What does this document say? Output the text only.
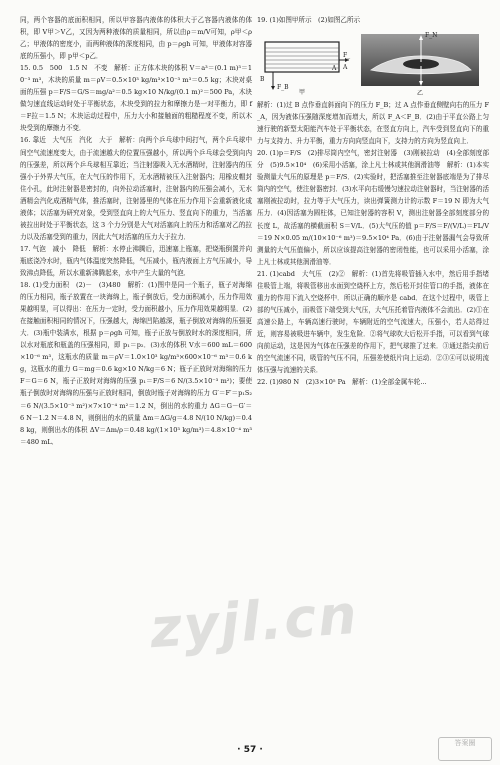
同，两个容器的底面积相同，所以甲容器内液体的体积大于乙容器内液体的体积，即 V甲＞V乙，又因为两种液体的质量相同，所以由ρ＝m/V可知，ρ甲＜ρ乙；甲液体的密度小，而两种液体的深度相同，由 p＝ρgh 可知，甲液体对容器底的压强小，即 p甲＜p乙．

15. 0.5　500　1.5 N　不变　解析：正方体木块的体积 V＝a³＝(0.1 m)³＝10⁻³ m³，木块的质量 m＝ρV＝0.5×10³ kg/m³×10⁻³ m³＝0.5 kg；木块对桌面的压强 p＝F/S＝G/S＝mg/a²＝0.5 kg×10 N/kg/(0.1 m)²＝500 Pa，木块做匀速直线运动时处于平衡状态，木块受到的拉力和摩擦力是一对平衡力，即 f＝F拉＝1.5 N；木块运动过程中，压力大小和接触面的粗糙程度不变，所以木块受到的摩擦力不变．

16. 靠近　大气压　汽化　大于　解析：向两个乒乓球中间打气，两个乒乓球中间空气流速度变大，由于流速越大的位置压强越小，所以两个乒乓球会受到向内的压强差，所以两个乒乓球相互靠近；当注射器吸入无水酒精时，注射器内的压强小于外界大气压，在大气压的作用下，无水酒精被压入注射器内；用橡皮帽封住小孔，此时注射器是密封的，向外拉动活塞时，注射器内的压强会减小，无水酒精会汽化成酒精气体，推活塞时，注射器里的气体在压力作用下会重新液化成液体；以活塞为研究对象，受到竖直向上的大气压力、竖直向下的重力，当活塞被拉出时处于平衡状态，这 3 个力分别是大气对活塞向上的压力和活塞对乙的拉力以及活塞受到的重力，因此大气对活塞的压力大于拉力．

17. 气泡　减小　降低　解析：水停止沸腾后，迅速塞上瓶塞，把烧瓶倒置并向瓶底浇冷水时，瓶内气体温度突然降低，气压减小，瓶内液面上方气压减小，导致沸点降低，所以水重新沸腾起来，水中产生大量的气泡．

18. (1)受力面积　(2)－　(3)480　解析：(1)图中是同一个瓶子，瓶子对海绵的压力相同，瓶子放置在一块海绵上，瓶子倒放后，受力面积减小，压力作用效果越明显，可以得出：在压力一定时，受力面积越小，压力作用效果越明显．(2)在接触面积相同的情况下，压强越大，海绵凹陷越深，瓶子倒放对海绵的压强更大．(3)瓶中装满水，根据 p＝ρgh 可知，瓶子正放与倒放时水的深度相同，所以水对瓶底和瓶盖的压强相同，即 p₁＝p₂．(3)水的体积 V水＝600 mL＝600×10⁻⁶ m³，这瓶水的质量 m＝ρV＝1.0×10³ kg/m³×600×10⁻⁶ m³＝0.6 kg，这瓶水的重力 G＝mg＝0.6 kg×10 N/kg＝6 N；瓶子正放时对海绵的压力 F＝G＝6 N，瓶子正放时对海绵的压强 p₁＝F/S＝6 N/(3.5×10⁻³ m²)；要使瓶子倒放时对海绵的压强与正放时相同，倒放时瓶子对海绵的压力 G′＝F′＝p₁S₂＝6 N/(3.5×10⁻³ m²)×7×10⁻⁴ m²＝1.2 N，倒出的水的重力 ΔG＝G－G′＝6 N－1.2 N＝4.8 N，则倒出的水的质量 Δm＝ΔG/g＝4.8 N/(10 N/kg)＝0.48 kg，则倒出水的体积 ΔV＝Δm/ρ＝0.48 kg/(1×10³ kg/m³)＝4.8×10⁻⁴ m³＝480 mL．

19. (1)如图甲所示　(2)如图乙所示

F_A
A
B
F_B
甲
F_N
乙

解析：(1)过 B 点作垂直斜面向下的压力 F_B；过 A 点作垂直侧壁向右的压力 F_A，因为液体压强随深度增加而增大，所以 F_A＜F_B．(2)由于平直公路上匀速行驶的新型太阳能汽车处于平衡状态，在竖直方向上，汽车受到竖直向下的重力与支持力、升力平衡，重力方向向竖直向下，支持力的方向为竖直向上．

20. (1)p＝F/S　(2)排尽筒内空气，密封注射器　(3)刚被拉动　(4)全部刻度部分　(5)9.5×10⁴　(6)采用小活塞，涂上凡士林或其他润滑油等　解析：(1)本实验测量大气压的原理是 p＝F/S．(2)实验时，把活塞推至注射器底端是为了排尽筒内的空气，使注射器密封．(3)水平向右缓慢匀速拉动注射器时，当注射器的活塞刚被拉动时，拉力等于大气压力，读出弹簧测力计的示数 F＝19 N 即为大气压力．(4)因活塞为圆柱体，已知注射器的容积 V，测出注射器全部刻度部分的长度 L，故活塞的横截面积 S＝V/L．(5)大气压的值 p＝F/S＝F/(V/L)＝FL/V＝19 N×0.05 m/(10×10⁻⁶ m³)＝9.5×10⁴ Pa．(6)由于注射器漏气会导致所测量的大气压值偏小，所以应该提高注射器的密闭性能，也可以采用小活塞，涂上凡士林或其他润滑油等．

21. (1)cabd　大气压　(2)②　解析：(1)首先将吸管插入水中，然后用手指堵住吸管上端，将吸管移出水面到空烧杯上方，然后松开封住管口的手指，液体在重力的作用下流入空烧杯中．所以正确的顺序是 cabd．在这个过程中，吸管上部的气压减小，而吸管下端受到大气压，大气压托着管内液体不会流出．(2)①在高速公路上，车辆高速行驶时，车辆附近的空气流速大，压强小，若人站得过近，则容易被吸进车辆中，发生危险．②将气球吹大后松开手指，可以看到气球向前运动，这是因为气体在压强差的作用下，把气球推了过来．③通过指尖前后的空气流速不同，吸管的气压不同，压强差使纸片向上运动．②③④可以说明流体压强与流速的关系．

22. (1)980 N　(2)3×10⁵ Pa　解析：(1)全部金属车轮...

zyjl.cn
· 57 ·
答案圈
